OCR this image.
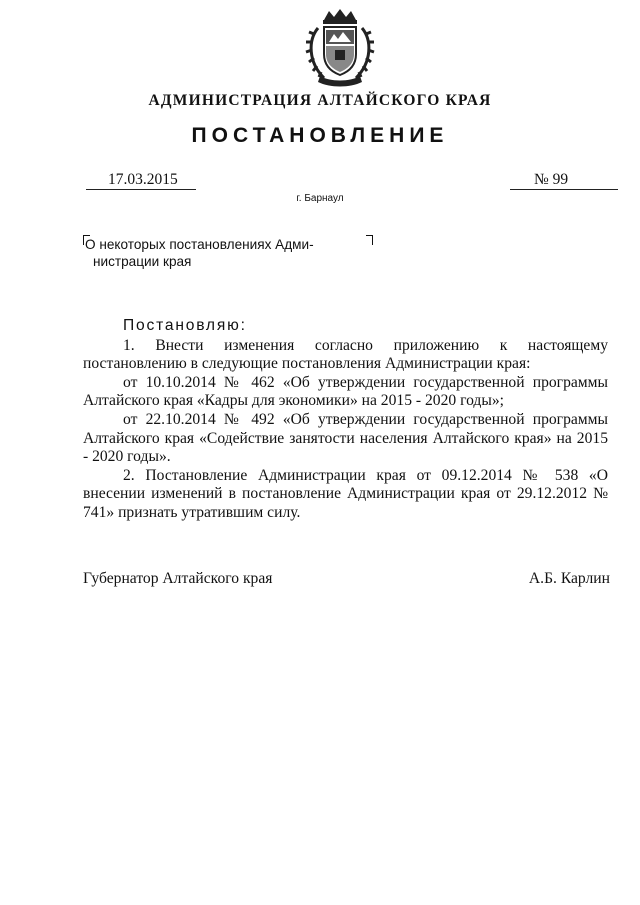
АДМИНИСТРАЦИЯ АЛТАЙСКОГО КРАЯ
ПОСТАНОВЛЕНИЕ
17.03.2015	№ 99
г. Барнаул
О некоторых постановлениях Адми-
нистрации края
Постановляю:

1. Внести изменения согласно приложению к настоящему постановлению в следующие постановления Администрации края:

от 10.10.2014 № 462 «Об утверждении государственной программы Алтайского края «Кадры для экономики» на 2015 - 2020 годы»;

от 22.10.2014 № 492 «Об утверждении государственной программы Алтайского края «Содействие занятости населения Алтайского края» на 2015 - 2020 годы».

2. Постановление Администрации края от 09.12.2014 № 538 «О внесении изменений в постановление Администрации края от 29.12.2012 № 741» признать утратившим силу.

Губернатор Алтайского края	А.Б. Карлин
